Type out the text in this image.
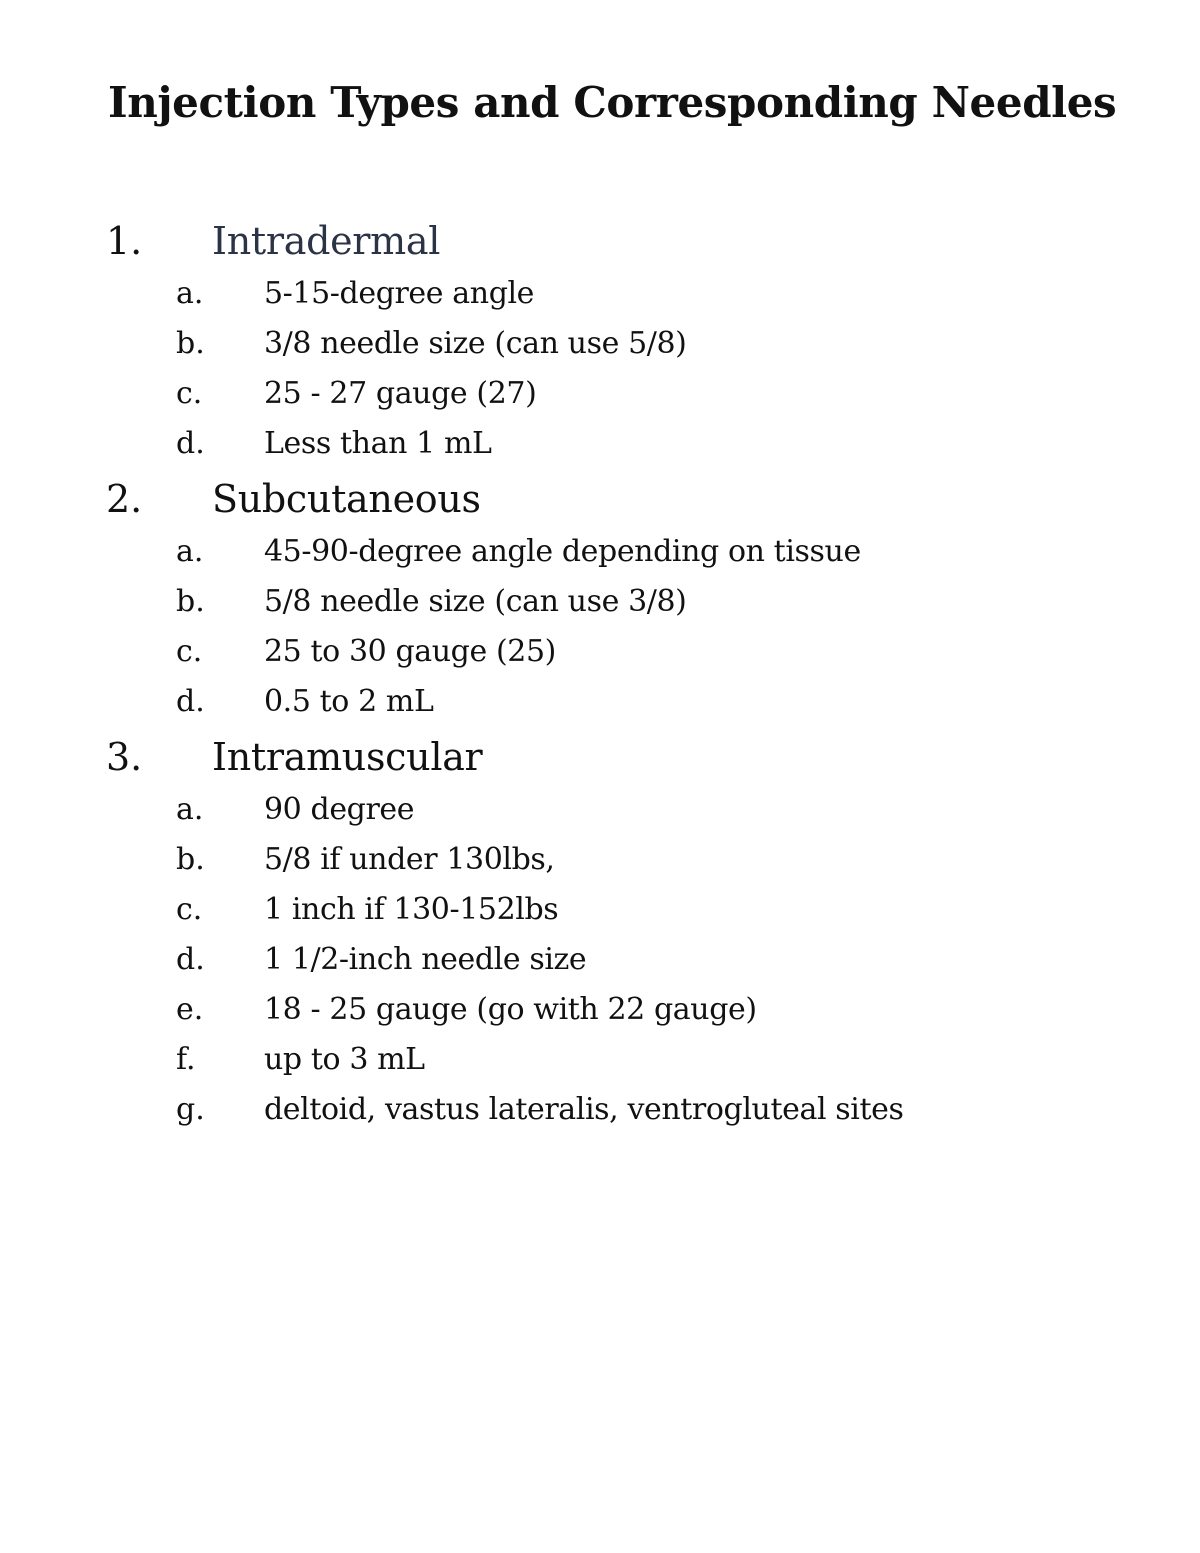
Injection Types and Corresponding Needles
1. Intradermal
a. 5-15-degree angle
b. 3/8 needle size (can use 5/8)
c. 25 - 27 gauge (27)
d. Less than 1 mL
2. Subcutaneous
a. 45-90-degree angle depending on tissue
b. 5/8 needle size (can use 3/8)
c. 25 to 30 gauge (25)
d. 0.5 to 2 mL
3. Intramuscular
a. 90 degree
b. 5/8 if under 130lbs,
c. 1 inch if 130-152lbs
d. 1 1/2-inch needle size
e. 18 - 25 gauge (go with 22 gauge)
f. up to 3 mL
g. deltoid, vastus lateralis, ventrogluteal sites
